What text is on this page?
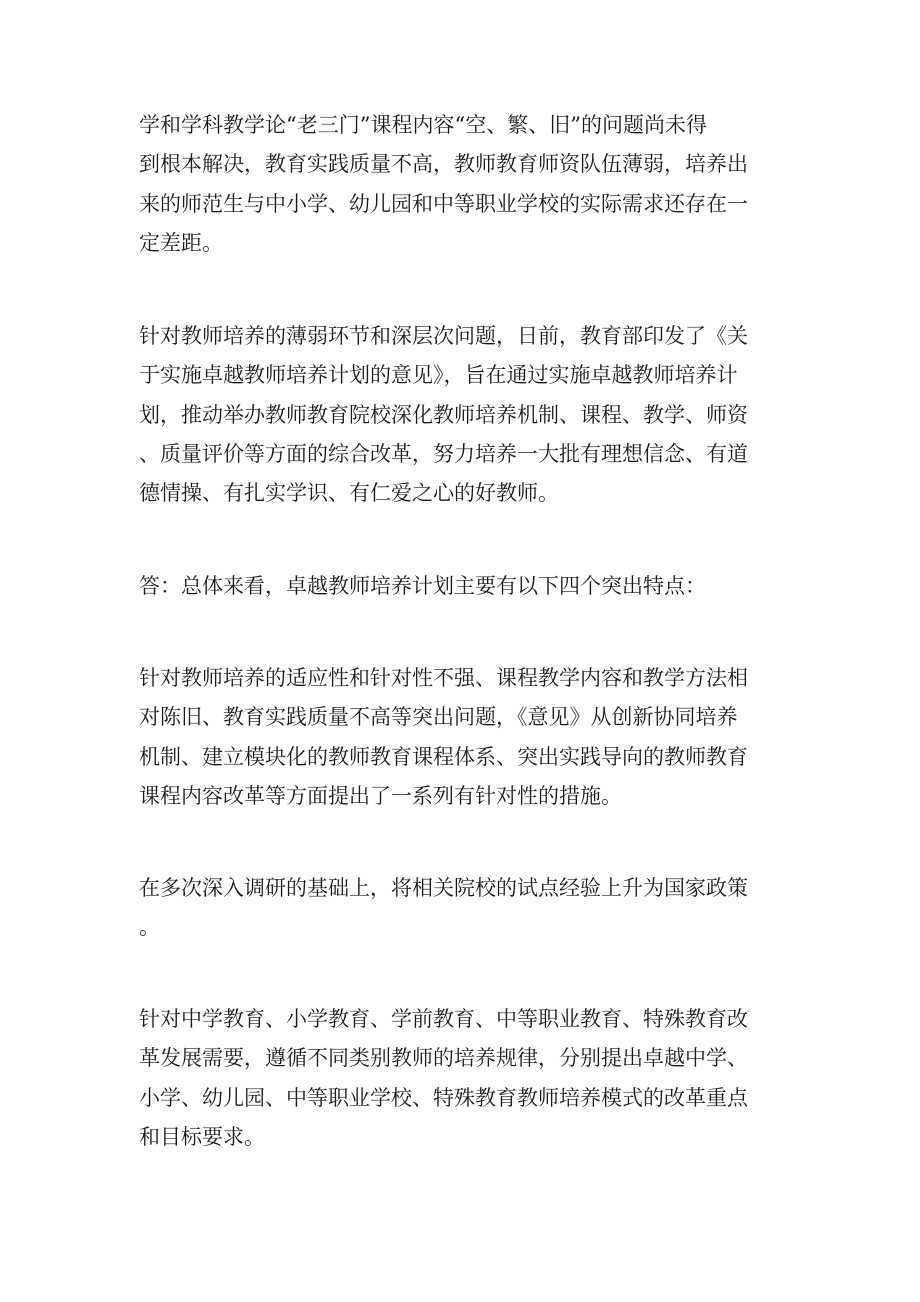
学和学科教学论“老三门”课程内容“空、繁、旧”的问题尚未得

到根本解决，教育实践质量不高，教师教育师资队伍薄弱，培养出

来的师范生与中小学、幼儿园和中等职业学校的实际需求还存在一

定差距。

针对教师培养的薄弱环节和深层次问题，日前，教育部印发了《关

于实施卓越教师培养计划的意见》，旨在通过实施卓越教师培养计

划，推动举办教师教育院校深化教师培养机制、课程、教学、师资

、质量评价等方面的综合改革，努力培养一大批有理想信念、有道

德情操、有扎实学识、有仁爱之心的好教师。

答：总体来看，卓越教师培养计划主要有以下四个突出特点：

针对教师培养的适应性和针对性不强、课程教学内容和教学方法相

对陈旧、教育实践质量不高等突出问题，《意见》从创新协同培养

机制、建立模块化的教师教育课程体系、突出实践导向的教师教育

课程内容改革等方面提出了一系列有针对性的措施。

在多次深入调研的基础上，将相关院校的试点经验上升为国家政策

。

针对中学教育、小学教育、学前教育、中等职业教育、特殊教育改

革发展需要，遵循不同类别教师的培养规律，分别提出卓越中学、

小学、幼儿园、中等职业学校、特殊教育教师培养模式的改革重点

和目标要求。
